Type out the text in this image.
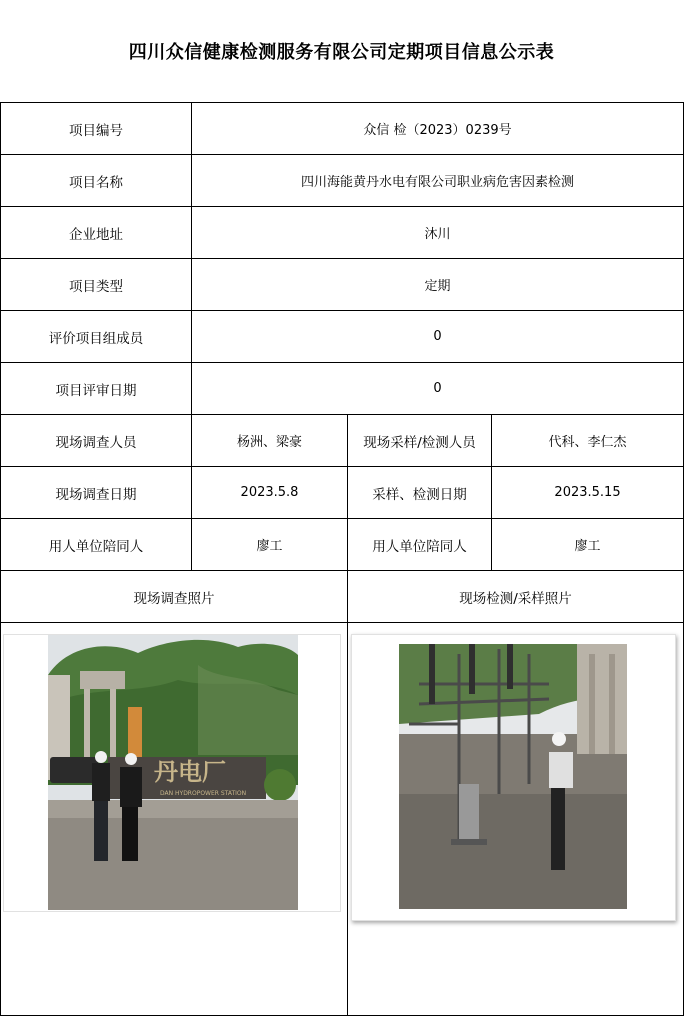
四川众信健康检测服务有限公司定期项目信息公示表
项目编号	众信 检（2023）0239号		
项目名称	四川海能黄丹水电有限公司职业病危害因素检测		
企业地址	沐川		
项目类型	定期		
评价项目组成员	0		
项目评审日期	0		
现场调查人员	杨洲、梁豪	现场采样/检测人员	代科、李仁杰
现场调查日期	2023.5.8	采样、检测日期	2023.5.15
用人单位陪同人	廖工	用人单位陪同人	廖工
现场调查照片		现场检测/采样照片	

丹电厂
DAN HYDROPOWER STATION
